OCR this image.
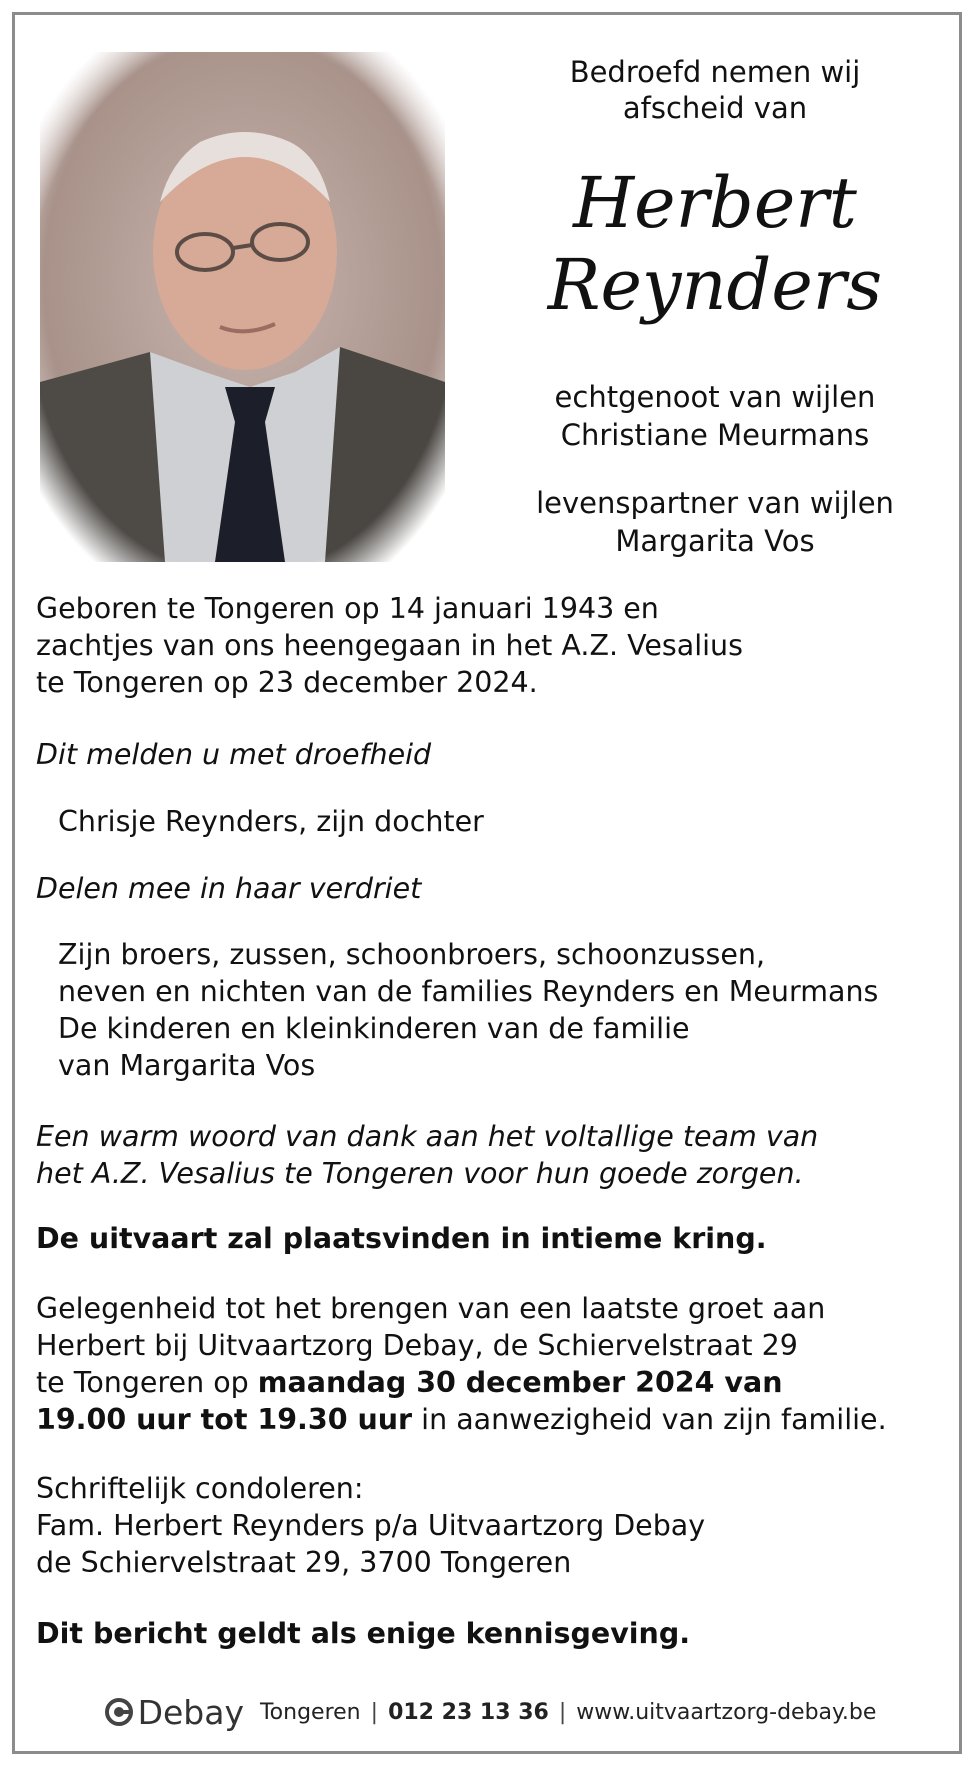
Bedroefd nemen wij
afscheid van
Herbert
Reynders
echtgenoot van wijlen
Christiane Meurmans
levenspartner van wijlen
Margarita Vos
Geboren te Tongeren op 14 januari 1943 en
zachtjes van ons heengegaan in het A.Z. Vesalius
te Tongeren op 23 december 2024.
Dit melden u met droefheid
Chrisje Reynders, zijn dochter
Delen mee in haar verdriet
Zijn broers, zussen, schoonbroers, schoonzussen,
neven en nichten van de families Reynders en Meurmans
De kinderen en kleinkinderen van de familie
van Margarita Vos
Een warm woord van dank aan het voltallige team van
het A.Z. Vesalius te Tongeren voor hun goede zorgen.
De uitvaart zal plaatsvinden in intieme kring.
Gelegenheid tot het brengen van een laatste groet aan
Herbert bij Uitvaartzorg Debay, de Schiervelstraat 29
te Tongeren op maandag 30 december 2024 van
19.00 uur tot 19.30 uur in aanwezigheid van zijn familie.
Schriftelijk condoleren:
Fam. Herbert Reynders p/a Uitvaartzorg Debay
de Schiervelstraat 29, 3700 Tongeren
Dit bericht geldt als enige kennisgeving.
Debay Tongeren | 012 23 13 36 | www.uitvaartzorg-debay.be
